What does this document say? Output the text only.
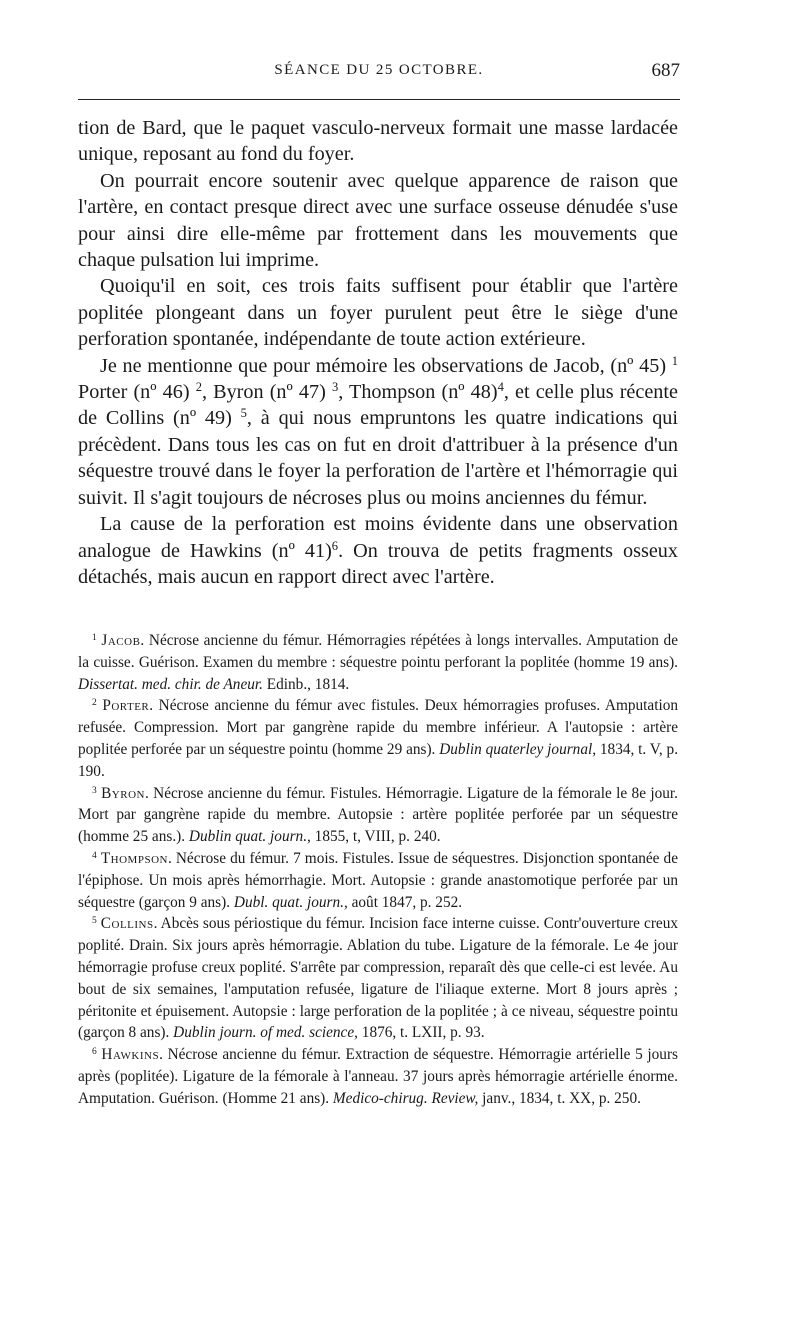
SÉANCE DU 25 OCTOBRE.	687

tion de Bard, que le paquet vasculo-nerveux formait une masse lardacée unique, reposant au fond du foyer.

On pourrait encore soutenir avec quelque apparence de raison que l'artère, en contact presque direct avec une surface osseuse dénudée s'use pour ainsi dire elle-même par frottement dans les mouvements que chaque pulsation lui imprime.

Quoiqu'il en soit, ces trois faits suffisent pour établir que l'artère poplitée plongeant dans un foyer purulent peut être le siège d'une perforation spontanée, indépendante de toute action extérieure.

Je ne mentionne que pour mémoire les observations de Jacob, (nº 45) $^1$ Porter (nº 46) $^2$, Byron (nº 47) $^3$, Thompson (nº 48)$^4$, et celle plus récente de Collins (nº 49) $^5$, à qui nous empruntons les quatre indications qui précèdent. Dans tous les cas on fut en droit d'attribuer à la présence d'un séquestre trouvé dans le foyer la perforation de l'artère et l'hémorragie qui suivit. Il s'agit toujours de nécroses plus ou moins anciennes du fémur.

La cause de la perforation est moins évidente dans une observation analogue de Hawkins (nº 41)$^6$. On trouva de petits fragments osseux détachés, mais aucun en rapport direct avec l'artère.

$^1$ Jacob. Nécrose ancienne du fémur. Hémorragies répétées à longs intervalles. Amputation de la cuisse. Guérison. Examen du membre : séquestre pointu perforant la poplitée (homme 19 ans). Dissertat. med. chir. de Aneur. Edinb., 1814.

$^2$ Porter. Nécrose ancienne du fémur avec fistules. Deux hémorragies profuses. Amputation refusée. Compression. Mort par gangrène rapide du membre inférieur. A l'autopsie : artère poplitée perforée par un séquestre pointu (homme 29 ans). Dublin quaterley journal, 1834, t. V, p. 190.

$^3$ Byron. Nécrose ancienne du fémur. Fistules. Hémorragie. Ligature de la fémorale le 8e jour. Mort par gangrène rapide du membre. Autopsie : artère poplitée perforée par un séquestre (homme 25 ans.). Dublin quat. journ., 1855, t, VIII, p. 240.

$^4$ Thompson. Nécrose du fémur. 7 mois. Fistules. Issue de séquestres. Disjonction spontanée de l'épiphose. Un mois après hémorrhagie. Mort. Autopsie : grande anastomotique perforée par un séquestre (garçon 9 ans). Dubl. quat. journ., août 1847, p. 252.

$^5$ Collins. Abcès sous périostique du fémur. Incision face interne cuisse. Contr'ouverture creux poplité. Drain. Six jours après hémorragie. Ablation du tube. Ligature de la fémorale. Le 4e jour hémorragie profuse creux poplité. S'arrête par compression, reparaît dès que celle-ci est levée. Au bout de six semaines, l'amputation refusée, ligature de l'iliaque externe. Mort 8 jours après ; péritonite et épuisement. Autopsie : large perforation de la poplitée ; à ce niveau, séquestre pointu (garçon 8 ans). Dublin journ. of med. science, 1876, t. LXII, p. 93.

$^6$ Hawkins. Nécrose ancienne du fémur. Extraction de séquestre. Hémorragie artérielle 5 jours après (poplitée). Ligature de la fémorale à l'anneau. 37 jours après hémorragie artérielle énorme. Amputation. Guérison. (Homme 21 ans). Medico-chirug. Review, janv., 1834, t. XX, p. 250.
